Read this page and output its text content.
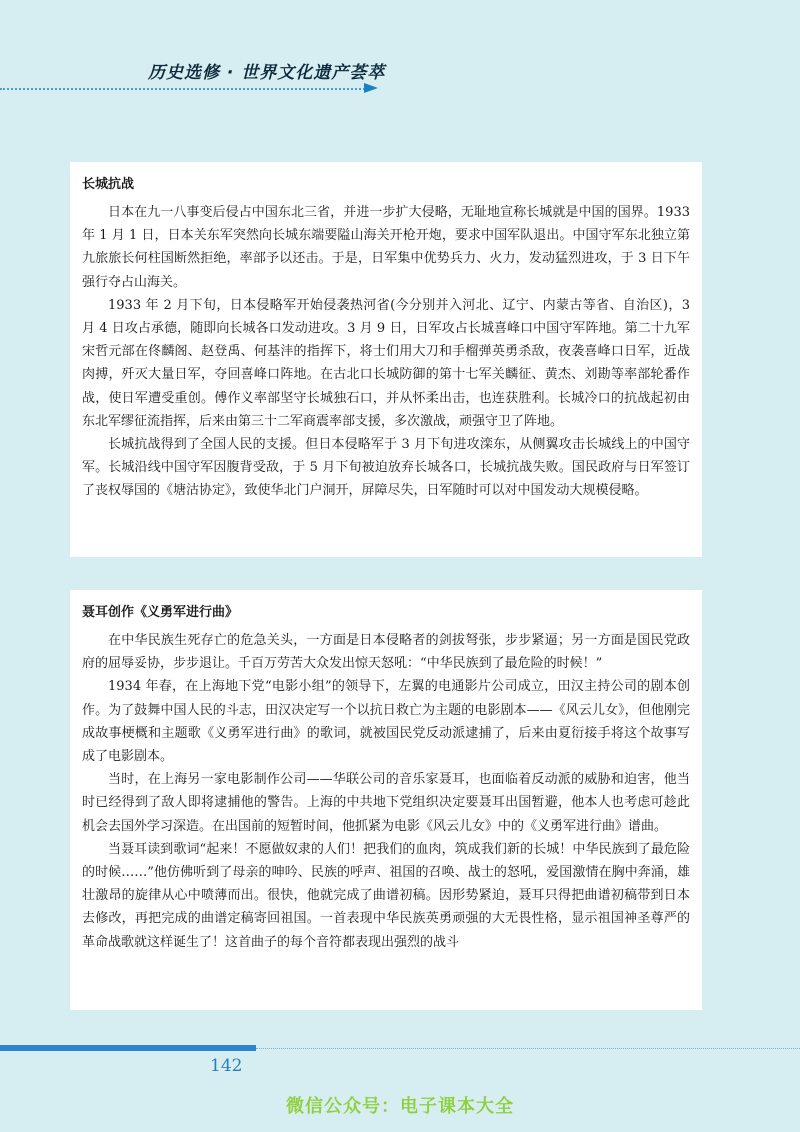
历史选修 · 世界文化遗产荟萃
长城抗战

日本在九一八事变后侵占中国东北三省，并进一步扩大侵略，无耻地宣称长城就是中国的国界。1933 年 1 月 1 日，日本关东军突然向长城东端要隘山海关开枪开炮，要求中国军队退出。中国守军东北独立第九旅旅长何柱国断然拒绝，率部予以还击。于是，日军集中优势兵力、火力，发动猛烈进攻，于 3 日下午强行夺占山海关。

1933 年 2 月下旬，日本侵略军开始侵袭热河省(今分别并入河北、辽宁、内蒙古等省、自治区)，3 月 4 日攻占承德，随即向长城各口发动进攻。3 月 9 日，日军攻占长城喜峰口中国守军阵地。第二十九军宋哲元部在佟麟阁、赵登禹、何基沣的指挥下，将士们用大刀和手榴弹英勇杀敌，夜袭喜峰口日军，近战肉搏，歼灭大量日军，夺回喜峰口阵地。在古北口长城防御的第十七军关麟征、黄杰、刘勘等率部轮番作战，使日军遭受重创。傅作义率部坚守长城独石口，并从怀柔出击，也连获胜利。长城冷口的抗战起初由东北军缪征流指挥，后来由第三十二军商震率部支援，多次激战，顽强守卫了阵地。

长城抗战得到了全国人民的支援。但日本侵略军于 3 月下旬进攻滦东，从侧翼攻击长城线上的中国守军。长城沿线中国守军因腹背受敌，于 5 月下旬被迫放弃长城各口，长城抗战失败。国民政府与日军签订了丧权辱国的《塘沽协定》，致使华北门户洞开，屏障尽失，日军随时可以对中国发动大规模侵略。

聂耳创作《义勇军进行曲》

在中华民族生死存亡的危急关头，一方面是日本侵略者的剑拔弩张，步步紧逼；另一方面是国民党政府的屈辱妥协，步步退让。千百万劳苦大众发出惊天怒吼：“中华民族到了最危险的时候！”

1934 年春，在上海地下党“电影小组”的领导下，左翼的电通影片公司成立，田汉主持公司的剧本创作。为了鼓舞中国人民的斗志，田汉决定写一个以抗日救亡为主题的电影剧本——《风云儿女》，但他刚完成故事梗概和主题歌《义勇军进行曲》的歌词，就被国民党反动派逮捕了，后来由夏衍接手将这个故事写成了电影剧本。

当时，在上海另一家电影制作公司——华联公司的音乐家聂耳，也面临着反动派的威胁和迫害，他当时已经得到了敌人即将逮捕他的警告。上海的中共地下党组织决定要聂耳出国暂避，他本人也考虑可趁此机会去国外学习深造。在出国前的短暂时间，他抓紧为电影《风云儿女》中的《义勇军进行曲》谱曲。

当聂耳读到歌词“起来！不愿做奴隶的人们！把我们的血肉，筑成我们新的长城！中华民族到了最危险的时候……”他仿佛听到了母亲的呻吟、民族的呼声、祖国的召唤、战士的怒吼，爱国激情在胸中奔涌，雄壮激昂的旋律从心中喷薄而出。很快，他就完成了曲谱初稿。因形势紧迫，聂耳只得把曲谱初稿带到日本去修改，再把完成的曲谱定稿寄回祖国。一首表现中华民族英勇顽强的大无畏性格，显示祖国神圣尊严的革命战歌就这样诞生了！这首曲子的每个音符都表现出强烈的战斗

142
微信公众号：电子课本大全
